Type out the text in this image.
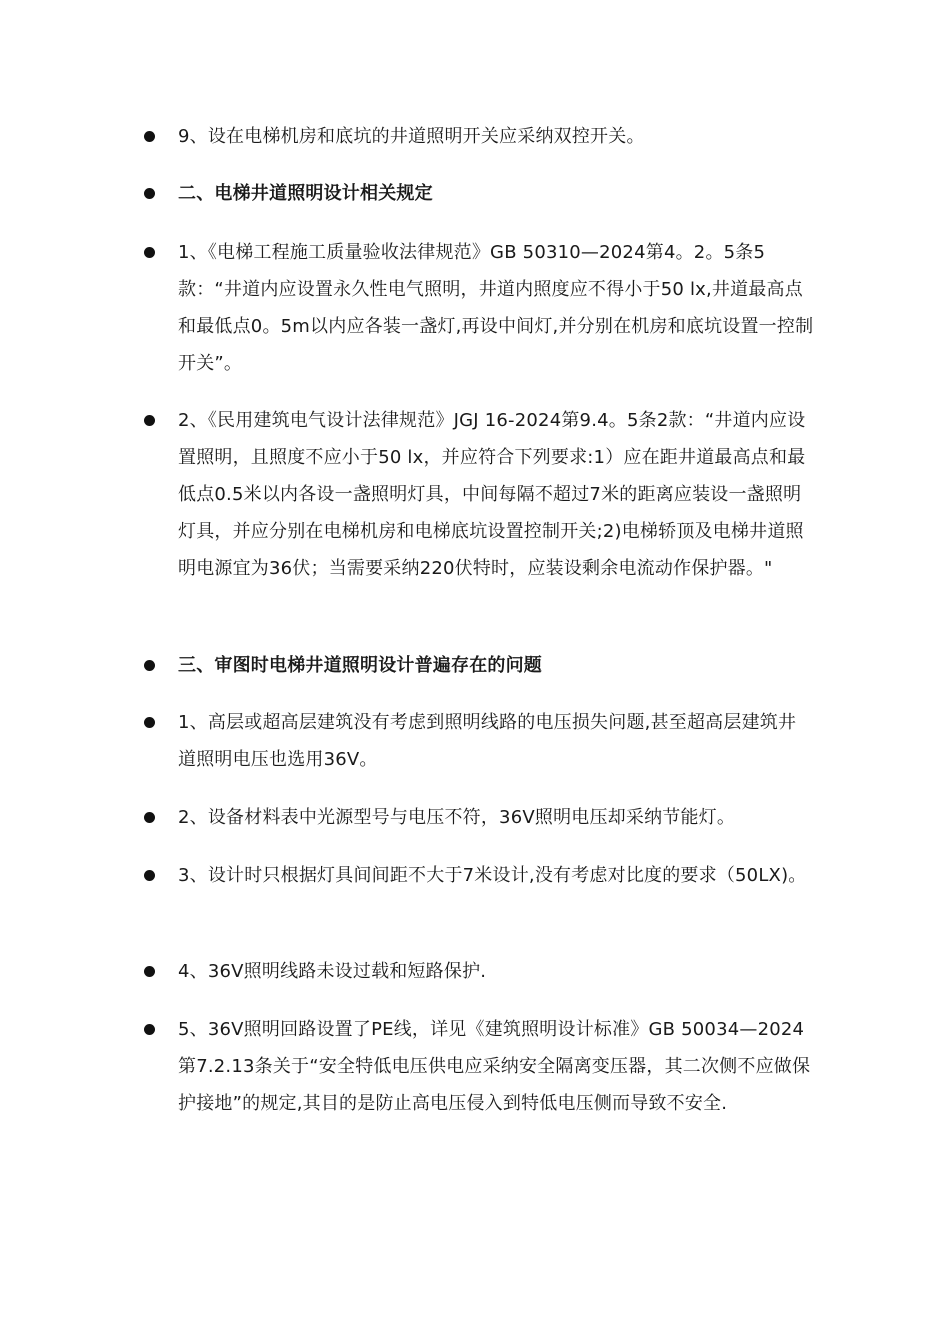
9、设在电梯机房和底坑的井道照明开关应采纳双控开关。
二、电梯井道照明设计相关规定
1、《电梯工程施工质量验收法律规范》GB 50310—2024第4。2。5条5款：“井道内应设置永久性电气照明，井道内照度应不得小于50 lx,井道最高点和最低点0。5m以内应各装一盏灯,再设中间灯,并分别在机房和底坑设置一控制开关”。
2、《民用建筑电气设计法律规范》JGJ 16-2024第9.4。5条2款：“井道内应设置照明，且照度不应小于50 lx，并应符合下列要求:1）应在距井道最高点和最低点0.5米以内各设一盏照明灯具，中间每隔不超过7米的距离应装设一盏照明灯具，并应分别在电梯机房和电梯底坑设置控制开关;2)电梯轿顶及电梯井道照明电源宜为36伏；当需要采纳220伏特时，应装设剩余电流动作保护器。"
三、审图时电梯井道照明设计普遍存在的问题
1、高层或超高层建筑没有考虑到照明线路的电压损失问题,甚至超高层建筑井道照明电压也选用36V。
2、设备材料表中光源型号与电压不符，36V照明电压却采纳节能灯。
3、设计时只根据灯具间间距不大于7米设计,没有考虑对比度的要求（50LX)。
4、36V照明线路未设过载和短路保护.
5、36V照明回路设置了PE线，详见《建筑照明设计标准》GB 50034—2024第7.2.13条关于“安全特低电压供电应采纳安全隔离变压器，其二次侧不应做保护接地”的规定,其目的是防止高电压侵入到特低电压侧而导致不安全.
